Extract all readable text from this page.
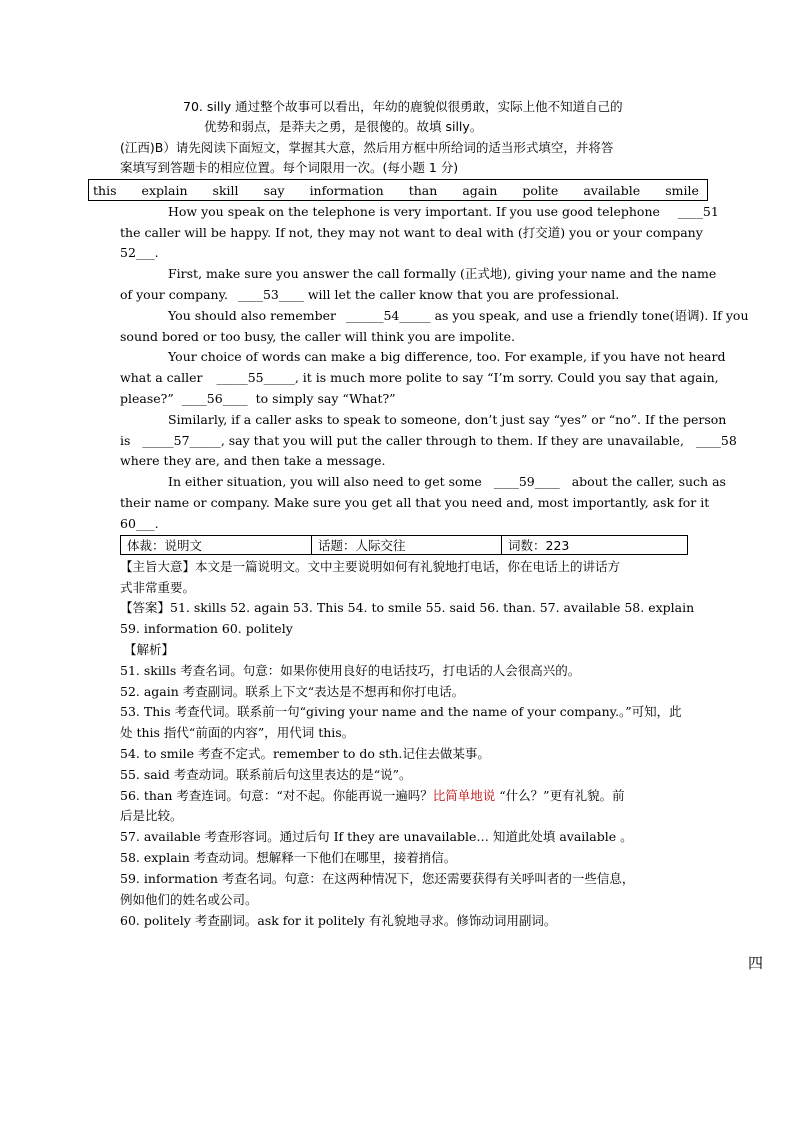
70. silly 通过整个故事可以看出，年幼的鹿貌似很勇敢，实际上他不知道自己的
优势和弱点，是莽夫之勇，是很傻的。故填 silly。
(江西)B）请先阅读下面短文，掌握其大意，然后用方框中所给词的适当形式填空，并将答
案填写到答题卡的相应位置。每个词限用一次。(每小题 1 分)
this explain skill say information than again polite available smile
How you speak on the telephone is very important. If you use good telephone ____51
the caller will be happy. If not, they may not want to deal with (打交道) you or your company
52___.
First, make sure you answer the call formally (正式地), giving your name and the name
of your company. ____53____ will let the caller know that you are professional.
You should also remember ______54_____ as you speak, and use a friendly tone(语调). If you
sound bored or too busy, the caller will think you are impolite.
Your choice of words can make a big difference, too. For example, if you have not heard
what a caller _____55_____, it is much more polite to say “I’m sorry. Could you say that again,
please?” ____56____ to simply say “What?”
Similarly, if a caller asks to speak to someone, don’t just say “yes” or “no”. If the person
is _____57_____, say that you will put the caller through to them. If they are unavailable, ____58
where they are, and then take a message.
In either situation, you will also need to get some ____59____ about the caller, such as
their name or company. Make sure you get all that you need and, most importantly, ask for it
60___.
体裁：说明文	话题：人际交往	词数：223
【主旨大意】本文是一篇说明文。文中主要说明如何有礼貌地打电话，你在电话上的讲话方
式非常重要。
【答案】51. skills 52. again 53. This 54. to smile 55. said 56. than. 57. available 58. explain
59. information 60. politely
【解析】
51. skills 考查名词。句意：如果你使用良好的电话技巧，打电话的人会很高兴的。
52. again 考查副词。联系上下文“表达是不想再和你打电话。
53. This 考查代词。联系前一句“giving your name and the name of your company.。”可知，此
处 this 指代“前面的内容”，用代词 this。
54. to smile 考查不定式。remember to do sth.记住去做某事。
55. said 考查动词。联系前后句这里表达的是“说”。
56. than 考查连词。句意：“对不起。你能再说一遍吗？比简单地说 “什么？”更有礼貌。前
后是比较。
57. available 考查形容词。通过后句 If they are unavailable… 知道此处填 available 。
58. explain 考查动词。想解释一下他们在哪里，接着捎信。
59. information 考查名词。句意：在这两种情况下，您还需要获得有关呼叫者的一些信息，
例如他们的姓名或公司。
60. politely 考查副词。ask for it politely 有礼貌地寻求。修饰动词用副词。
四
